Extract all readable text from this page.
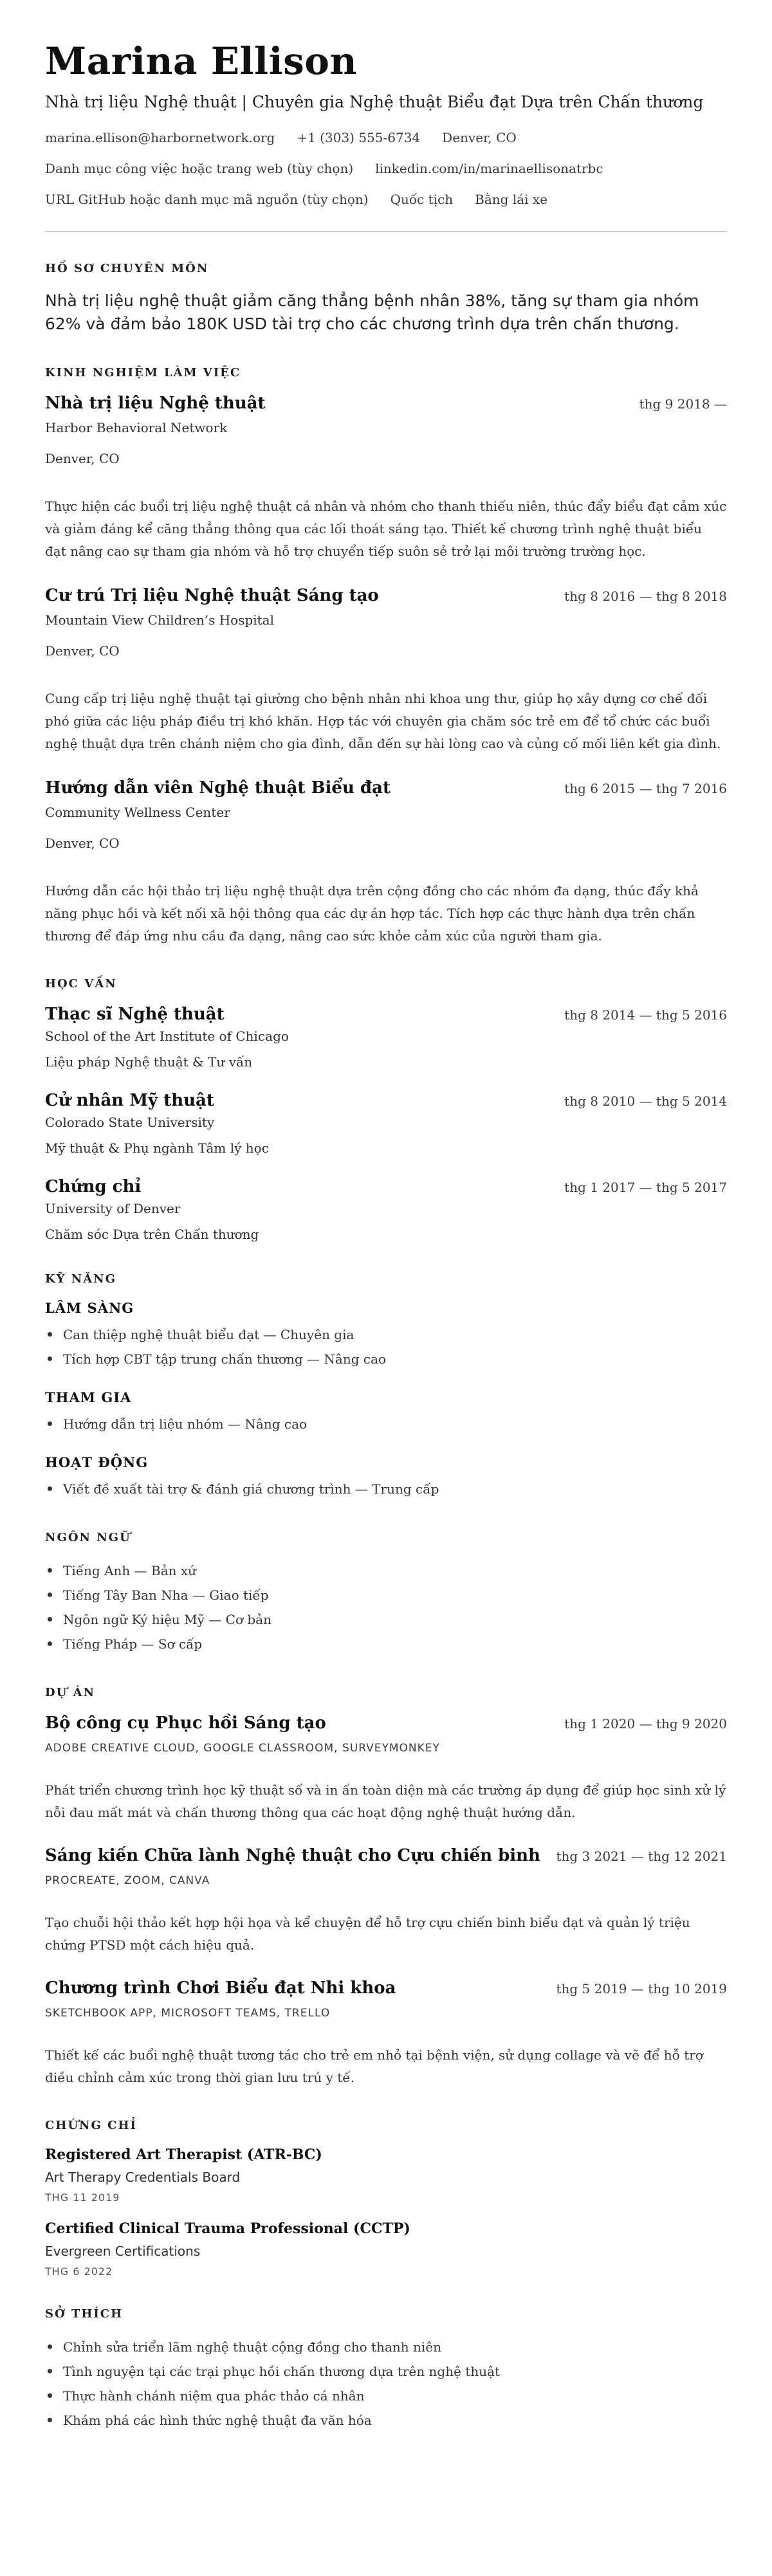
Marina Ellison
Nhà trị liệu Nghệ thuật | Chuyên gia Nghệ thuật Biểu đạt Dựa trên Chấn thương
marina.ellison@harbornetwork.org +1 (303) 555-6734 Denver, CO
Danh mục công việc hoặc trang web (tùy chọn) linkedin.com/in/marinaellisonatrbc
URL GitHub hoặc danh mục mã nguồn (tùy chọn) Quốc tịch Bằng lái xe
HỒ SƠ CHUYÊN MÔN

Nhà trị liệu nghệ thuật giảm căng thẳng bệnh nhân 38%, tăng sự tham gia nhóm 62% và đảm bảo 180K USD tài trợ cho các chương trình dựa trên chấn thương.

KINH NGHIỆM LÀM VIỆC
Nhà trị liệu Nghệ thuật	thg 9 2018 —
Harbor Behavioral Network
Denver, CO

Thực hiện các buổi trị liệu nghệ thuật cá nhân và nhóm cho thanh thiếu niên, thúc đẩy biểu đạt cảm xúc và giảm đáng kể căng thẳng thông qua các lối thoát sáng tạo. Thiết kế chương trình nghệ thuật biểu đạt nâng cao sự tham gia nhóm và hỗ trợ chuyển tiếp suôn sẻ trở lại môi trường trường học.

Cư trú Trị liệu Nghệ thuật Sáng tạo	thg 8 2016 — thg 8 2018
Mountain View Children’s Hospital
Denver, CO

Cung cấp trị liệu nghệ thuật tại giường cho bệnh nhân nhi khoa ung thư, giúp họ xây dựng cơ chế đối phó giữa các liệu pháp điều trị khó khăn. Hợp tác với chuyên gia chăm sóc trẻ em để tổ chức các buổi nghệ thuật dựa trên chánh niệm cho gia đình, dẫn đến sự hài lòng cao và củng cố mối liên kết gia đình.

Hướng dẫn viên Nghệ thuật Biểu đạt	thg 6 2015 — thg 7 2016
Community Wellness Center
Denver, CO

Hướng dẫn các hội thảo trị liệu nghệ thuật dựa trên cộng đồng cho các nhóm đa dạng, thúc đẩy khả năng phục hồi và kết nối xã hội thông qua các dự án hợp tác. Tích hợp các thực hành dựa trên chấn thương để đáp ứng nhu cầu đa dạng, nâng cao sức khỏe cảm xúc của người tham gia.

HỌC VẤN
Thạc sĩ Nghệ thuật	thg 8 2014 — thg 5 2016
School of the Art Institute of Chicago
Liệu pháp Nghệ thuật & Tư vấn
Cử nhân Mỹ thuật	thg 8 2010 — thg 5 2014
Colorado State University
Mỹ thuật & Phụ ngành Tâm lý học
Chứng chỉ	thg 1 2017 — thg 5 2017
University of Denver
Chăm sóc Dựa trên Chấn thương
KỸ NĂNG
LÂM SÀNG
Can thiệp nghệ thuật biểu đạt — Chuyên gia
Tích hợp CBT tập trung chấn thương — Nâng cao
THAM GIA
Hướng dẫn trị liệu nhóm — Nâng cao
HOẠT ĐỘNG
Viết đề xuất tài trợ & đánh giá chương trình — Trung cấp
NGÔN NGỮ
Tiếng Anh — Bản xứ
Tiếng Tây Ban Nha — Giao tiếp
Ngôn ngữ Ký hiệu Mỹ — Cơ bản
Tiếng Pháp — Sơ cấp
DỰ ÁN
Bộ công cụ Phục hồi Sáng tạo	thg 1 2020 — thg 9 2020
ADOBE CREATIVE CLOUD, GOOGLE CLASSROOM, SURVEYMONKEY

Phát triển chương trình học kỹ thuật số và in ấn toàn diện mà các trường áp dụng để giúp học sinh xử lý nỗi đau mất mát và chấn thương thông qua các hoạt động nghệ thuật hướng dẫn.

Sáng kiến Chữa lành Nghệ thuật cho Cựu chiến binh thg 3 2021 — thg 12 2021
PROCREATE, ZOOM, CANVA

Tạo chuỗi hội thảo kết hợp hội họa và kể chuyện để hỗ trợ cựu chiến binh biểu đạt và quản lý triệu chứng PTSD một cách hiệu quả.

Chương trình Chơi Biểu đạt Nhi khoa	thg 5 2019 — thg 10 2019
SKETCHBOOK APP, MICROSOFT TEAMS, TRELLO

Thiết kế các buổi nghệ thuật tương tác cho trẻ em nhỏ tại bệnh viện, sử dụng collage và vẽ để hỗ trợ điều chỉnh cảm xúc trong thời gian lưu trú y tế.

CHỨNG CHỈ
Registered Art Therapist (ATR-BC)
Art Therapy Credentials Board
THG 11 2019
Certified Clinical Trauma Professional (CCTP)
Evergreen Certifications
THG 6 2022
SỞ THÍCH
Chỉnh sửa triển lãm nghệ thuật cộng đồng cho thanh niên
Tình nguyện tại các trại phục hồi chấn thương dựa trên nghệ thuật
Thực hành chánh niệm qua phác thảo cá nhân
Khám phá các hình thức nghệ thuật đa văn hóa
